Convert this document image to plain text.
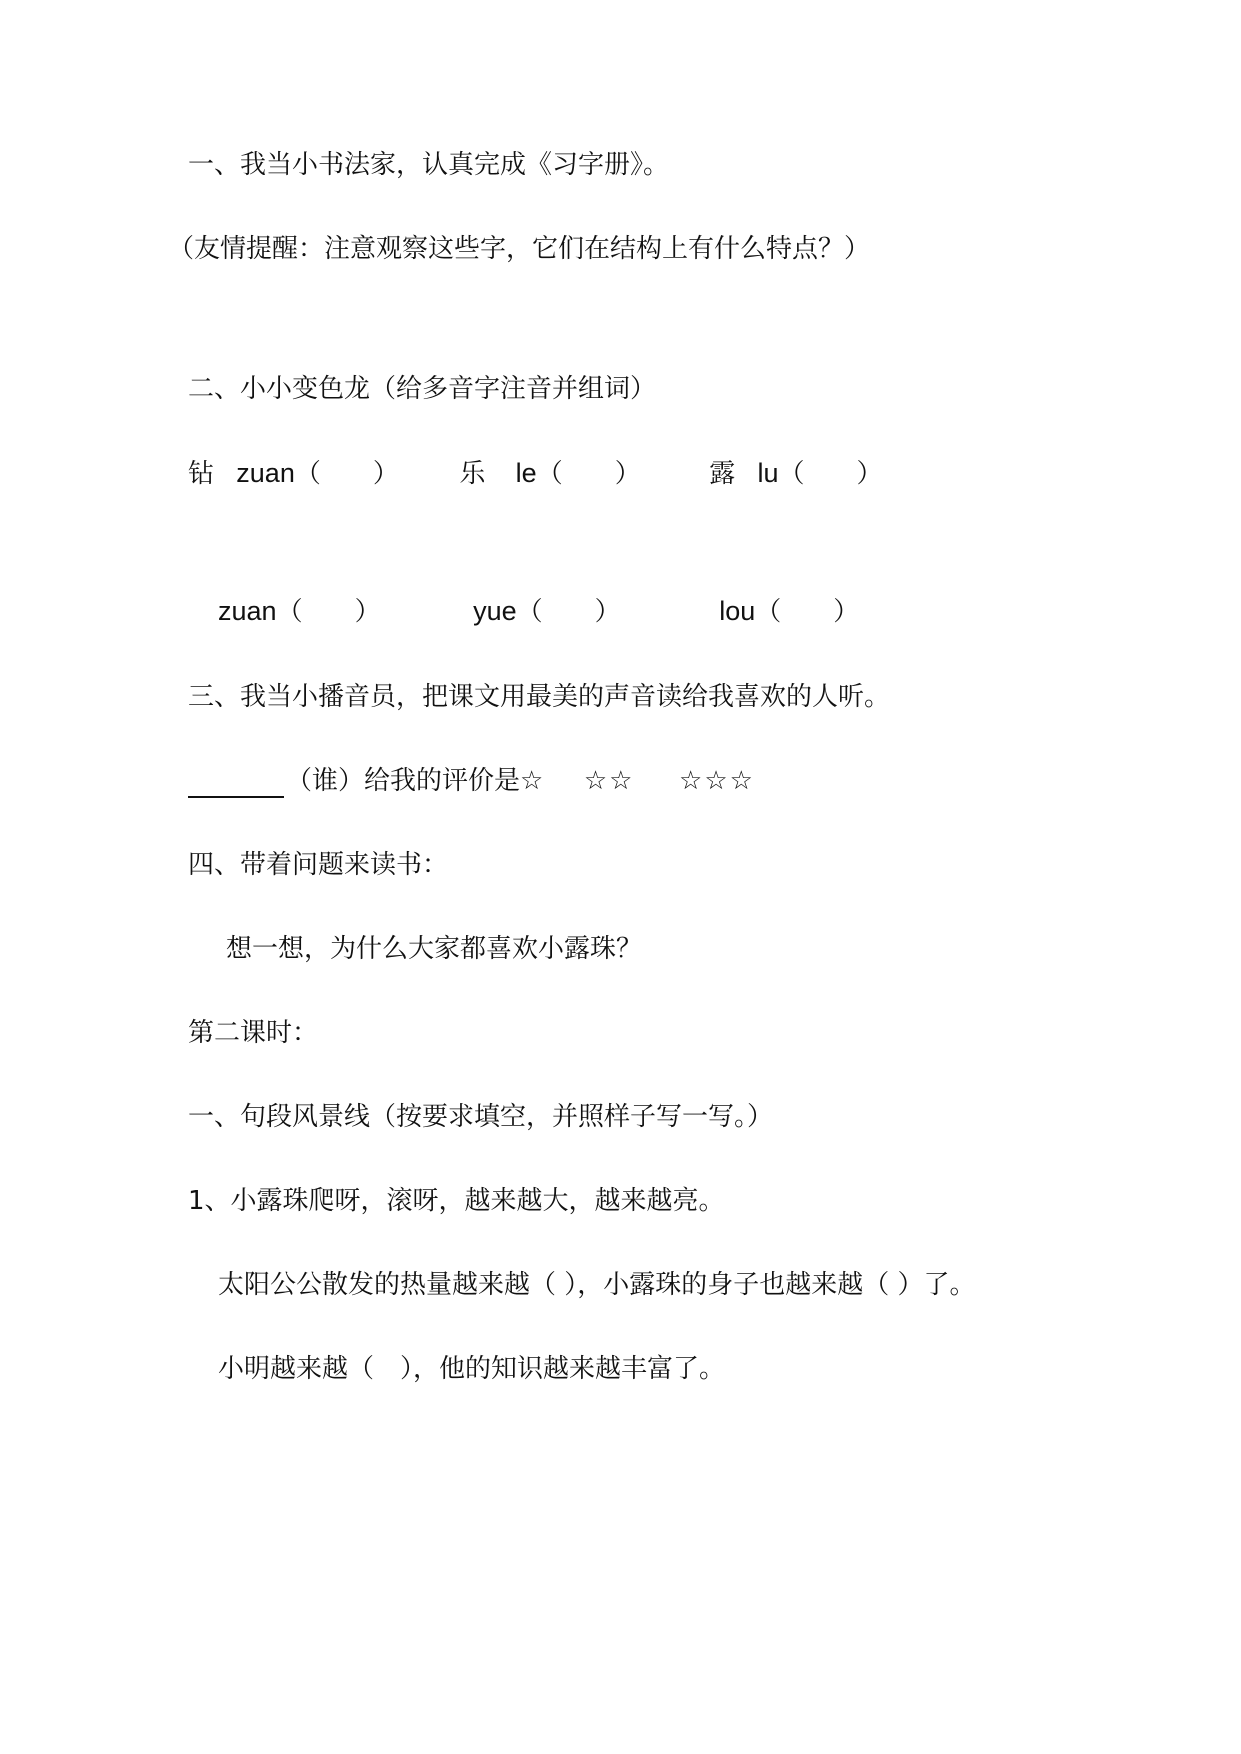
一、我当小书法家，认真完成《习字册》。
（友情提醒：注意观察这些字，它们在结构上有什么特点？）
二、小小变色龙（给多音字注音并组词）
钻 zuan（　　） 乐 le（　　）	露 lu（　　）
zuan（　　）	yue（　　）	lou（　　）
三、我当小播音员，把课文用最美的声音读给我喜欢的人听。
（谁）给我的评价是☆ ☆☆ ☆☆☆
四、带着问题来读书：
想一想，为什么大家都喜欢小露珠？
第二课时：
一、句段风景线（按要求填空，并照样子写一写。）
1、小露珠爬呀，滚呀，越来越大，越来越亮。
太阳公公散发的热量越来越（ ），小露珠的身子也越来越（ ）了。
小明越来越（　），他的知识越来越丰富了。
